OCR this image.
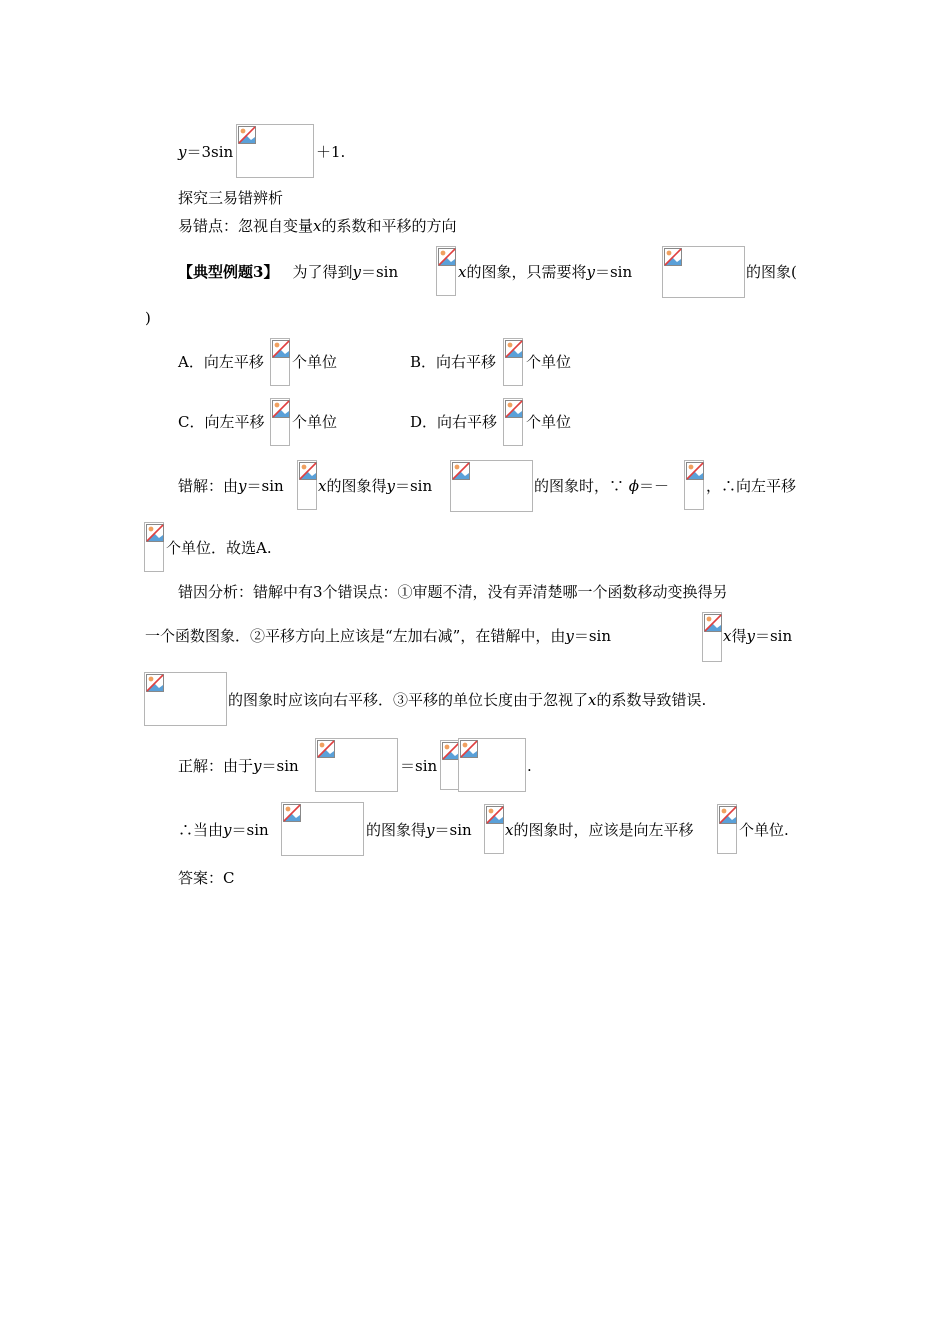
y＝3sin	＋1.
探究三易错辨析
易错点：忽视自变量x的系数和平移的方向
【典型例题3】 为了得到y＝sin	x的图象，只需要将y＝sin	的图象(
)
A．向左平移 个单位	B．向右平移 个单位
C．向左平移 个单位	D．向右平移 个单位
错解：由y＝sin x的图象得y＝sin	的图象时，∵ ϕ＝－ ，∴向左平移
个单位．故选A.
错因分析：错解中有3个错误点：①审题不清，没有弄清楚哪一个函数移动变换得另
一个函数图象．②平移方向上应该是“左加右减”，在错解中，由y＝sin	x得y＝sin
的图象时应该向右平移．③平移的单位长度由于忽视了x的系数导致错误.
正解：由于y＝sin	＝sin	.
∴当由y＝sin	的图象得y＝sin x的图象时，应该是向左平移	个单位.
答案：C
